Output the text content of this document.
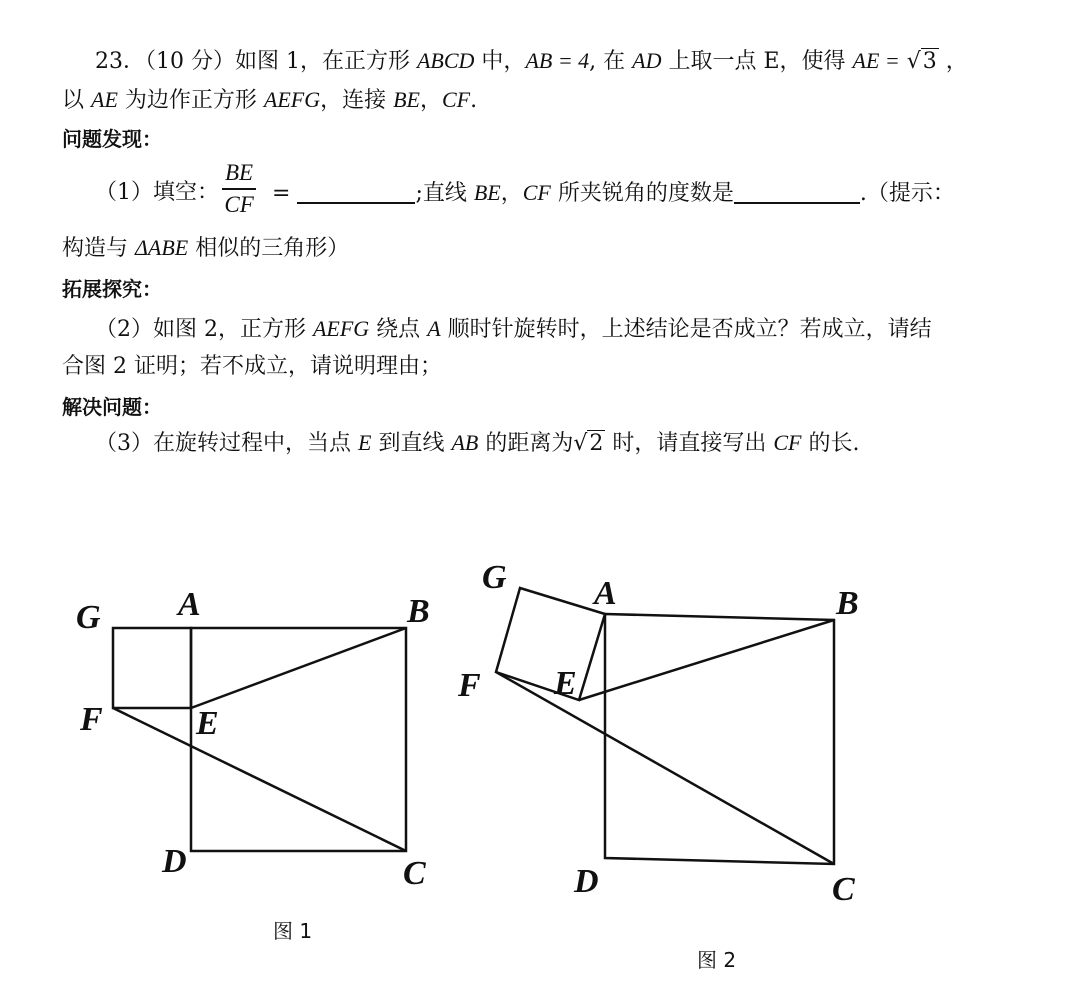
23．（10 分）如图 1，在正方形 ABCD 中，AB = 4, 在 AD 上取一点 E，使得 AE = √3 ，
以 AE 为边作正方形 AEFG，连接 BE，CF.
问题发现：
（1）填空： $\frac{BE}{CF}$ =	;直线 BE，CF 所夹锐角的度数是	.（提示：
构造与 ΔABE 相似的三角形）
拓展探究：
（2）如图 2，正方形 AEFG 绕点 A 顺时针旋转时，上述结论是否成立？若成立，请结
合图 2 证明；若不成立，请说明理由；
解决问题：
（3）在旋转过程中，当点 E 到直线 AB 的距离为√2 时，请直接写出 CF 的长.
G A	B
F	E
D	C
G	A	B
F E
D	C
图 1
图 2
